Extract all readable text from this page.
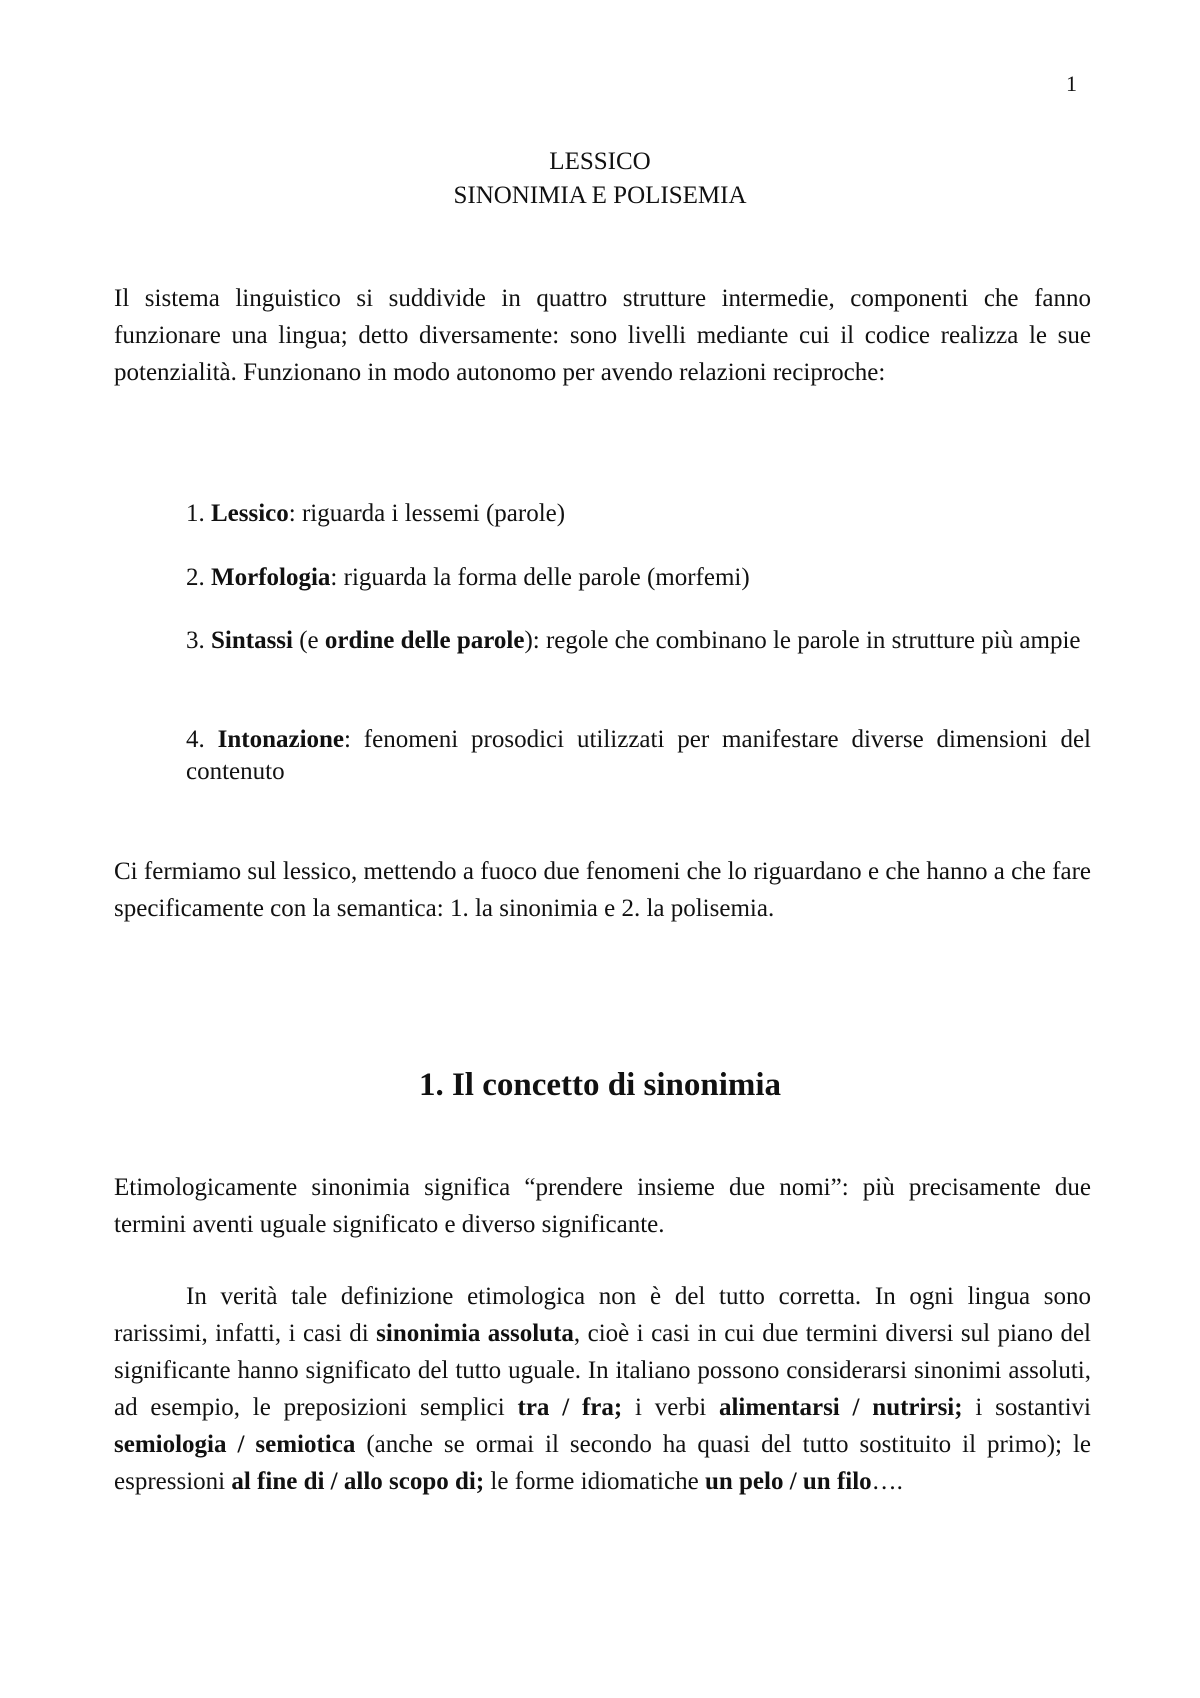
1
LESSICO
SINONIMIA E POLISEMIA

Il sistema linguistico si suddivide in quattro strutture intermedie, componenti che fanno funzionare una lingua; detto diversamente: sono livelli mediante cui il codice realizza le sue potenzialità. Funzionano in modo autonomo per avendo relazioni reciproche:

1. Lessico: riguarda i lessemi (parole)
2. Morfologia: riguarda la forma delle parole (morfemi)
3. Sintassi (e ordine delle parole): regole che combinano le parole in strutture più ampie
4. Intonazione: fenomeni prosodici utilizzati per manifestare diverse dimensioni del contenuto

Ci fermiamo sul lessico, mettendo a fuoco due fenomeni che lo riguardano e che hanno a che fare specificamente con la semantica: 1. la sinonimia e 2. la polisemia.

1. Il concetto di sinonimia

Etimologicamente sinonimia significa “prendere insieme due nomi”: più precisamente due termini aventi uguale significato e diverso significante.

In verità tale definizione etimologica non è del tutto corretta. In ogni lingua sono rarissimi, infatti, i casi di sinonimia assoluta, cioè i casi in cui due termini diversi sul piano del significante hanno significato del tutto uguale. In italiano possono considerarsi sinonimi assoluti, ad esempio, le preposizioni semplici tra / fra; i verbi alimentarsi / nutrirsi; i sostantivi semiologia / semiotica (anche se ormai il secondo ha quasi del tutto sostituito il primo); le espressioni al fine di / allo scopo di; le forme idiomatiche un pelo / un filo….
